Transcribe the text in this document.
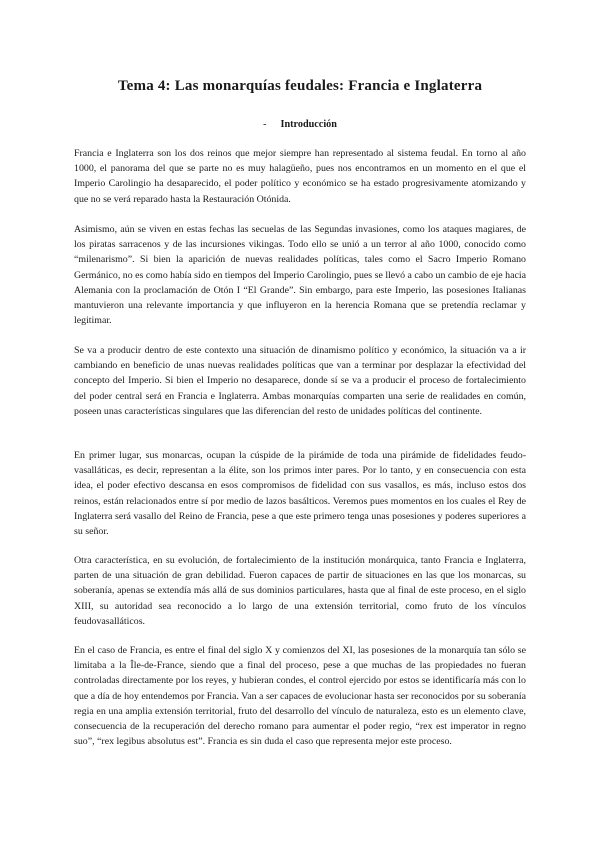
Tema 4: Las monarquías feudales: Francia e Inglaterra

- Introducción

Francia e Inglaterra son los dos reinos que mejor siempre han representado al sistema feudal. En torno al año 1000, el panorama del que se parte no es muy halagüeño, pues nos encontramos en un momento en el que el Imperio Carolingio ha desaparecido, el poder político y económico se ha estado progresivamente atomizando y que no se verá reparado hasta la Restauración Otónida.

Asimismo, aún se viven en estas fechas las secuelas de las Segundas invasiones, como los ataques magiares, de los piratas sarracenos y de las incursiones vikingas. Todo ello se unió a un terror al año 1000, conocido como “milenarismo”. Si bien la aparición de nuevas realidades políticas, tales como el Sacro Imperio Romano Germánico, no es como había sido en tiempos del Imperio Carolingio, pues se llevó a cabo un cambio de eje hacia Alemania con la proclamación de Otón I “El Grande”. Sin embargo, para este Imperio, las posesiones Italianas mantuvieron una relevante importancia y que influyeron en la herencia Romana que se pretendía reclamar y legitimar.

Se va a producir dentro de este contexto una situación de dinamismo político y económico, la situación va a ir cambiando en beneficio de unas nuevas realidades políticas que van a terminar por desplazar la efectividad del concepto del Imperio. Si bien el Imperio no desaparece, donde sí se va a producir el proceso de fortalecimiento del poder central será en Francia e Inglaterra. Ambas monarquías comparten una serie de realidades en común, poseen unas características singulares que las diferencian del resto de unidades políticas del continente.

En primer lugar, sus monarcas, ocupan la cúspide de la pirámide de toda una pirámide de fidelidades feudo-vasalláticas, es decir, representan a la élite, son los primos inter pares. Por lo tanto, y en consecuencia con esta idea, el poder efectivo descansa en esos compromisos de fidelidad con sus vasallos, es más, incluso estos dos reinos, están relacionados entre sí por medio de lazos basálticos. Veremos pues momentos en los cuales el Rey de Inglaterra será vasallo del Reino de Francia, pese a que este primero tenga unas posesiones y poderes superiores a su señor.

Otra característica, en su evolución, de fortalecimiento de la institución monárquica, tanto Francia e Inglaterra, parten de una situación de gran debilidad. Fueron capaces de partir de situaciones en las que los monarcas, su soberanía, apenas se extendía más allá de sus dominios particulares, hasta que al final de este proceso, en el siglo XIII, su autoridad sea reconocido a lo largo de una extensión territorial, como fruto de los vínculos feudovasalláticos.

En el caso de Francia, es entre el final del siglo X y comienzos del XI, las posesiones de la monarquía tan sólo se limitaba a la Île-de-France, siendo que a final del proceso, pese a que muchas de las propiedades no fueran controladas directamente por los reyes, y hubieran condes, el control ejercido por estos se identificaría más con lo que a día de hoy entendemos por Francia. Van a ser capaces de evolucionar hasta ser reconocidos por su soberanía regia en una amplia extensión territorial, fruto del desarrollo del vínculo de naturaleza, esto es un elemento clave, consecuencia de la recuperación del derecho romano para aumentar el poder regio, “rex est imperator in regno suo”, “rex legibus absolutus est”. Francia es sin duda el caso que representa mejor este proceso.
